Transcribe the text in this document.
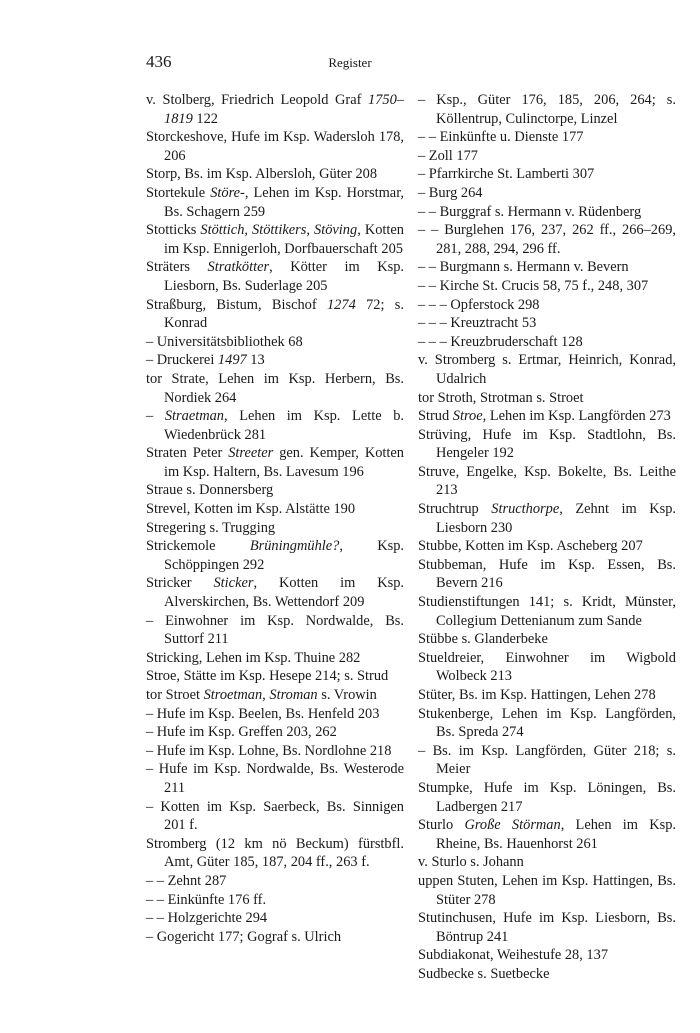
436	Register
v. Stolberg, Friedrich Leopold Graf 1750–1819 122
Storckeshove, Hufe im Ksp. Wadersloh 178, 206
Storp, Bs. im Ksp. Albersloh, Güter 208
Stortekule Störe-, Lehen im Ksp. Horstmar, Bs. Schagern 259
Stotticks Stöttich, Stöttikers, Stöving, Kotten im Ksp. Ennigerloh, Dorfbauerschaft 205
Sträters Stratkötter, Kötter im Ksp. Liesborn, Bs. Suderlage 205
Straßburg, Bistum, Bischof 1274 72; s. Konrad
– Universitätsbibliothek 68
– Druckerei 1497 13
tor Strate, Lehen im Ksp. Herbern, Bs. Nordiek 264
– Straetman, Lehen im Ksp. Lette b. Wiedenbrück 281
Straten Peter Streeter gen. Kemper, Kotten im Ksp. Haltern, Bs. Lavesum 196
Straue s. Donnersberg
Strevel, Kotten im Ksp. Alstätte 190
Stregering s. Trugging
Strickemole Brüningmühle?, Ksp. Schöppingen 292
Stricker Sticker, Kotten im Ksp. Alverskirchen, Bs. Wettendorf 209
– Einwohner im Ksp. Nordwalde, Bs. Suttorf 211
Stricking, Lehen im Ksp. Thuine 282
Stroe, Stätte im Ksp. Hesepe 214; s. Strud
tor Stroet Stroetman, Stroman s. Vrowin
– Hufe im Ksp. Beelen, Bs. Henfeld 203
– Hufe im Ksp. Greffen 203, 262
– Hufe im Ksp. Lohne, Bs. Nordlohne 218
– Hufe im Ksp. Nordwalde, Bs. Westerode 211
– Kotten im Ksp. Saerbeck, Bs. Sinnigen 201 f.
Stromberg (12 km nö Beckum) fürstbfl. Amt, Güter 185, 187, 204 ff., 263 f.
– – Zehnt 287
– – Einkünfte 176 ff.
– – Holzgerichte 294
– Gogericht 177; Gograf s. Ulrich
– Ksp., Güter 176, 185, 206, 264; s. Köllentrup, Culinctorpe, Linzel
– – Einkünfte u. Dienste 177
– Zoll 177
– Pfarrkirche St. Lamberti 307
– Burg 264
– – Burggraf s. Hermann v. Rüdenberg
– – Burglehen 176, 237, 262 ff., 266–269, 281, 288, 294, 296 ff.
– – Burgmann s. Hermann v. Bevern
– – Kirche St. Crucis 58, 75 f., 248, 307
– – – Opferstock 298
– – – Kreuztracht 53
– – – Kreuzbruderschaft 128
v. Stromberg s. Ertmar, Heinrich, Konrad, Udalrich
tor Stroth, Strotman s. Stroet
Strud Stroe, Lehen im Ksp. Langförden 273
Strüving, Hufe im Ksp. Stadtlohn, Bs. Hengeler 192
Struve, Engelke, Ksp. Bokelte, Bs. Leithe 213
Struchtrup Structhorpe, Zehnt im Ksp. Liesborn 230
Stubbe, Kotten im Ksp. Ascheberg 207
Stubbeman, Hufe im Ksp. Essen, Bs. Bevern 216
Studienstiftungen 141; s. Kridt, Münster, Collegium Dettenianum zum Sande
Stübbe s. Glanderbeke
Stueldreier, Einwohner im Wigbold Wolbeck 213
Stüter, Bs. im Ksp. Hattingen, Lehen 278
Stukenberge, Lehen im Ksp. Langförden, Bs. Spreda 274
– Bs. im Ksp. Langförden, Güter 218; s. Meier
Stumpke, Hufe im Ksp. Löningen, Bs. Ladbergen 217
Sturlo Große Störman, Lehen im Ksp. Rheine, Bs. Hauenhorst 261
v. Sturlo s. Johann
uppen Stuten, Lehen im Ksp. Hattingen, Bs. Stüter 278
Stutinchusen, Hufe im Ksp. Liesborn, Bs. Böntrup 241
Subdiakonat, Weihestufe 28, 137
Sudbecke s. Suetbecke
